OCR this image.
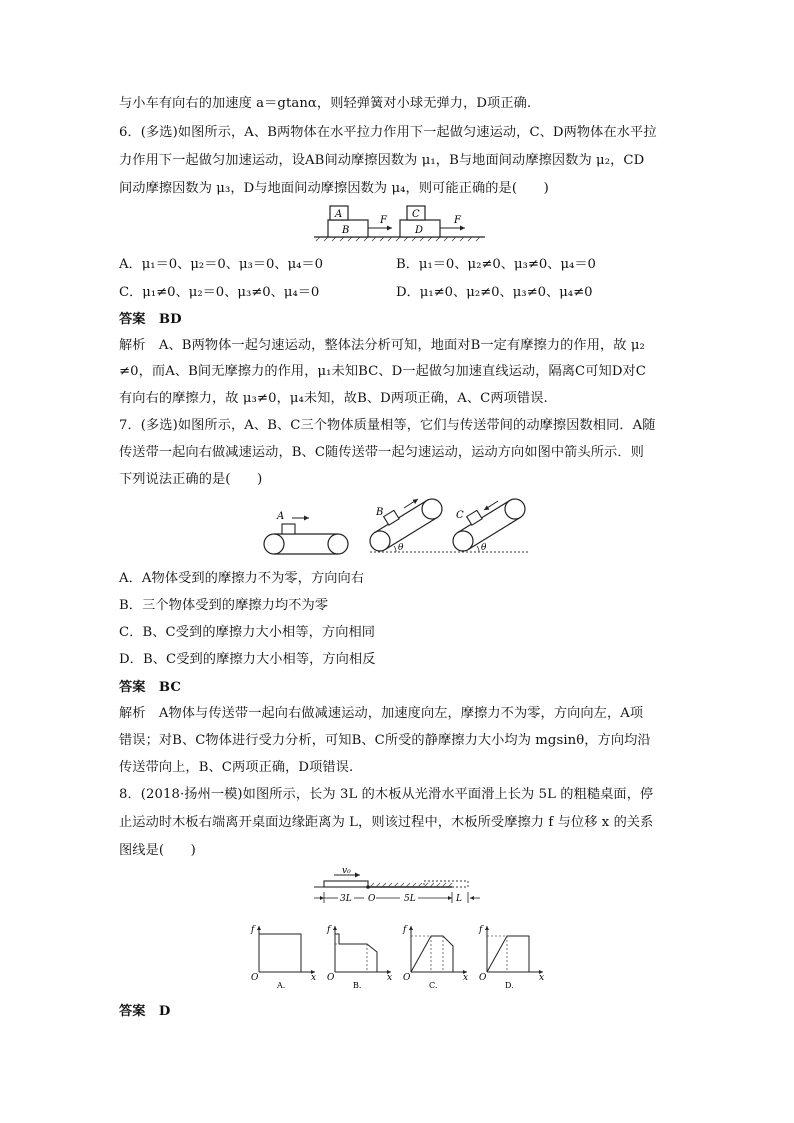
与小车有向右的加速度 a＝gtanα，则轻弹簧对小球无弹力，D项正确.
6．(多选)如图所示，A、B两物体在水平拉力作用下一起做匀速运动，C、D两物体在水平拉
力作用下一起做匀加速运动，设AB间动摩擦因数为 μ₁，B与地面间动摩擦因数为 μ₂，CD
间动摩擦因数为 μ₃，D与地面间动摩擦因数为 μ₄，则可能正确的是(　　)
A
B
F
C
D
F
A．μ₁＝0、μ₂＝0、μ₃＝0、μ₄＝0	B．μ₁＝0、μ₂≠0、μ₃≠0、μ₄＝0
C．μ₁≠0、μ₂＝0、μ₃≠0、μ₄＝0	D．μ₁≠0、μ₂≠0、μ₃≠0、μ₄≠0
答案　BD
解析　A、B两物体一起匀速运动，整体法分析可知，地面对B一定有摩擦力的作用，故 μ₂
≠0，而A、B间无摩擦力的作用，μ₁未知BC、D一起做匀加速直线运动，隔离C可知D对C
有向右的摩擦力，故 μ₃≠0，μ₄未知，故B、D两项正确，A、C两项错误.
7．(多选)如图所示，A、B、C三个物体质量相等，它们与传送带间的动摩擦因数相同．A随
传送带一起向右做减速运动，B、C随传送带一起匀速运动，运动方向如图中箭头所示．则
下列说法正确的是(　　)
A	B	C
θ	θ
A．A物体受到的摩擦力不为零，方向向右
B．三个物体受到的摩擦力均不为零
C．B、C受到的摩擦力大小相等，方向相同
D．B、C受到的摩擦力大小相等，方向相反
答案　BC
解析　A物体与传送带一起向右做减速运动，加速度向左，摩擦力不为零，方向向左，A项
错误；对B、C物体进行受力分析，可知B、C所受的静摩擦力大小均为 mgsinθ，方向均沿
传送带向上，B、C两项正确，D项错误.
8．(2018·扬州一模)如图所示，长为 3L 的木板从光滑水平面滑上长为 5L 的粗糙桌面，停
止运动时木板右端离开桌面边缘距离为 L，则该过程中，木板所受摩擦力 f 与位移 x 的关系
图线是(　　)
v₀
3L O	5L	L
f
O	x
A.
f
O	x
B.
f
O	x
C.
f
O	x
D.
答案　D
